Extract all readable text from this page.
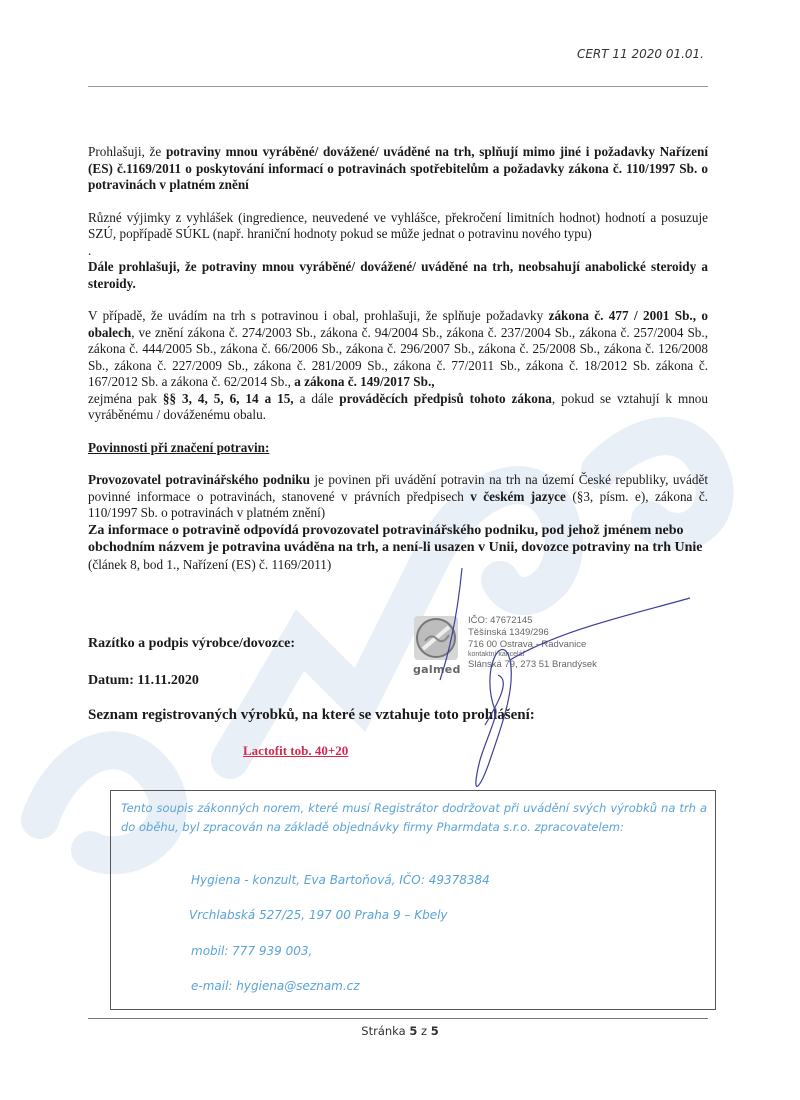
CERT 11 2020 01.01.

Prohlašuji, že potraviny mnou vyráběné/ dovážené/ uváděné na trh, splňují mimo jiné i požadavky Nařízení (ES) č.1169/2011 o poskytování informací o potravinách spotřebitelům a požadavky zákona č. 110/1997 Sb. o potravinách v platném znění

Různé výjimky z vyhlášek (ingredience, neuvedené ve vyhlášce, překročení limitních hodnot) hodnotí a posuzuje SZÚ, popřípadě SÚKL (např. hraniční hodnoty pokud se může jednat o potravinu nového typu)

.

Dále prohlašuji, že potraviny mnou vyráběné/ dovážené/ uváděné na trh, neobsahují anabolické steroidy a steroidy.

V případě, že uvádím na trh s potravinou i obal, prohlašuji, že splňuje požadavky zákona č. 477 / 2001 Sb., o obalech, ve znění zákona č. 274/2003 Sb., zákona č. 94/2004 Sb., zákona č. 237/2004 Sb., zákona č. 257/2004 Sb., zákona č. 444/2005 Sb., zákona č. 66/2006 Sb., zákona č. 296/2007 Sb., zákona č. 25/2008 Sb., zákona č. 126/2008 Sb., zákona č. 227/2009 Sb., zákona č. 281/2009 Sb., zákona č. 77/2011 Sb., zákona č. 18/2012 Sb. zákona č. 167/2012 Sb. a zákona č. 62/2014 Sb., a zákona č. 149/2017 Sb.,

zejména pak §§ 3, 4, 5, 6, 14 a 15, a dále prováděcích předpisů tohoto zákona, pokud se vztahují k mnou vyráběnému / dováženému obalu.

Povinnosti při značení potravin:

Provozovatel potravinářského podniku je povinen při uvádění potravin na trh na území České republiky, uvádět povinné informace o potravinách, stanovené v právních předpisech v českém jazyce (§3, písm. e), zákona č. 110/1997 Sb. o potravinách v platném znění)

Za informace o potravině odpovídá provozovatel potravinářského podniku, pod jehož jménem nebo obchodním názvem je potravina uváděna na trh, a není-li usazen v Unii, dovozce potraviny na trh Unie (článek 8, bod 1., Nařízení (ES) č. 1169/2011)

Razítko a podpis výrobce/dovozce:
Datum: 11.11.2020
Seznam registrovaných výrobků, na které se vztahuje toto prohlášení:
Lactofit tob. 40+20
galmed
IČO: 47672145
Těšínská 1349/296
716 00 Ostrava - Radvanice
kontaktní kancelář
Slánská 79, 273 51 Brandýsek
Tento soupis zákonných norem, které musí Registrátor dodržovat při uvádění svých výrobků na trh a do oběhu, byl zpracován na základě objednávky firmy Pharmdata s.r.o. zpracovatelem:
Hygiena - konzult, Eva Bartoňová, IČO: 49378384
Vrchlabská 527/25, 197 00 Praha 9 – Kbely
mobil: 777 939 003,
e-mail: hygiena@seznam.cz
Stránka 5 z 5
